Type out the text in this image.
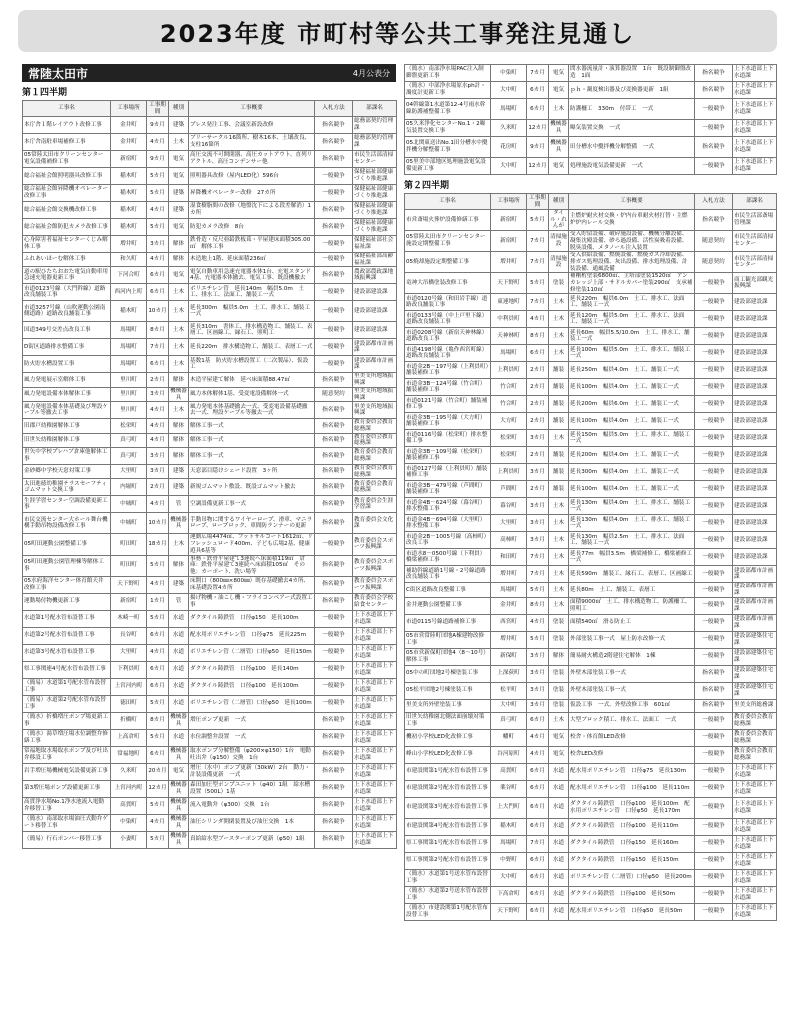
2023年度 市町村等公共工事発注見通し
常陸太田市	4月公表分
第１四半期
工事名	工事場所	工事期間	種別	工事概要	入札方法	部課名
本庁舎１階レイアウト改修工事	金井町	9カ月	建築	プレス発注工事、会議室新設改修	指名競争	総務部契約管理課
本庁舎南駐車場補修工事	金井町	4カ月	土木	ブリーサークル16箇所、樹木16本、土壌改良、支柱16箇所	指名競争	総務部契約管理課
05常陸太田市クリーンセンター電気設備補修工事	新宿町	9カ月	電気	高圧交流不可開閉器、高圧カットアウト、直列リアクトル、高圧コンデンサー他	指名競争	市民生活部清掃センター
総合福祉会館照明器具改修工事	稲木町	5カ月	電気	照明器具改修（屋内LED化）596台	一般競争	保健福祉部健康づくり推進課
総合福祉会館昇降機オペレーター改修工事	稲木町	5カ月	建築	昇降機オペレーター改修　27カ所	一般競争	保健福祉部健康づくり推進課
総合福祉会館交換機改修工事	稲木町	4カ月	建築	湿食樹脂間の改修（地盤沈下による段差解消）1カ所	指名競争	保健福祉部健康づくり推進課
総合福祉会館防犯カメラ改修工事	稲木町	5カ月	電気	防犯カメラ改修　8台	指名競争	保健福祉部健康づくり推進課
心身障害者福祉センターくじみ解体工事	増井町	3カ月	解体	鉄骨造・反尺亜鉛鉄板葺・平屋建床面積305.00㎡　解体工事	一般競争	保健福祉部社会福祉課
ふれあいほーむ解体工事	和久町	4カ月	解体	木造地上1階、延床面積236㎡	一般競争	保健福祉部高齢福祉課
道の駅ひたちおおた電気自動車用急速充電器更新工事	下河合町	6カ月	電気	電気自動車用急速充電器本体1台、充電スタンド4基、充電器本体撤去、電気工事、既設機撤去	指名競争	農政部農政課地域振興課
市道0123号線（大門幹線）道路改良舗装工事	西河内上町	6カ月	土木	ボリエチレン管　延長140m　幅員5.0m　土工、排水工、法面工、舗装工一式	一般競争	建設部建設課
市道3257号線（山吹運動公園南側道路）道路改良舗装工事	稲木町	10カ月	土木	延長300m　幅員5.0m　土工、排水工、舗装工一式	一般競争	建設部建設課
国道349号交差点改良工事	馬場町	8カ月	土木	延長310m　書体工、排水構造物工、舗装工、表層工、区画線工、縁石工、照明工	一般競争	建設部建設課
D街区道路排水整備工事	馬場町	7カ月	土木	延長220m　排水構造物工、舗装工、表層工一式	一般競争	建設部都市計画課
防火貯水槽設置工事	馬場町	6カ月	土木	基数1基　防火貯水槽設置工（二次製品）、仮設工	一般競争	建設部都市計画課
風力発電展示室解体工事	里川町	2カ月	解体	木造平屋建て解体　延べ床面積88.47㎡	指名競争	里美支所地域振興課
風力発電設備本体解体工事	里川町	3カ月	機械器具	風力本体解体1基、受変電設備解体一式	随意契約	里美支所地域振興課
風力発電設備本体基礎及び埋設ケーブル等撤去工事	里川町	4カ月	土木	風力発電本体基礎撤去一式、受変電設備基礎撤去一式、埋設ケーブル等撤去一式	指名競争	里美支所地域振興課
旧郡戸幼稚園解体工事	松栄町	4カ月	解体	解体工事一式	指名競争	教育委員会教育総務課
旧世矢幼稚園解体工事	真弓町	4カ月	解体	解体工事一式	指名競争	教育委員会教育総務課
世矢中学校プレハブ倉庫他解体工事	真弓町	3カ月	解体	解体工事一式	指名競争	教育委員会教育総務課
金砂郷中学校天窓対策工事	大里町	3カ月	建築	天窓部目隠けシェード設置　3ヶ所	指名競争	教育委員会教育総務課
太田進徳幼稚園テラスセーフティゴムマット交換工事	内堀町	2カ月	建築	新規ゴムマット敷設、既設ゴムマット撤去	指名競争	教育委員会教育総務課
生涯学習センター空調設備更新工事	中城町	4カ月	管	空調設備更新工事一式	指名競争	教育委員会生涯学習課
市民交流センター大ホール舞台機構手動吊物設備改修工事	中城町	10カ月	機械器具	手動吊物に関するワイヤーロープ、滑車、マニラロープ、ロープロック、車間防ランナーの更新	指名競争	教育委員会文化課
05町田運動公園整備工事	町田町	18カ月	土木	運動広場4474㎡、フットサルコート1612㎡、リフレッシュロード400m、子ども広場2基、健康遊具6基等	一般競争	教育委員会スポーツ振興課
05町田運動公園管理棟等解体工事	町田町	5カ月	解体	事務・鉄骨平屋建て3連続へ床面積119㎡　倉庫：鉄骨平屋建て3連続へ床面積105㎡　その他：カーポート、洗い場等	指名競争	教育委員会スポーツ振興課
05水府海洋センター体育館天井改修工事	天下野町	4カ月	建築	床開口（800㎜×800㎜）既存基礎撤去4カ所、床基礎設置4カ所	指名競争	教育委員会スポーツ振興課
運動場付物機更新工事	新宿町	1カ月	管	揚げ物機・油こし機・フライコンベアー式設置工事	指名競争	教育委員会学校給食センター
水道第1号配水管布設替工事	木崎一町	5カ月	水道	ダクタイル鋳鉄管　口径φ150　延長100m	一般競争	上下水道部上下水道課
水道第2号配水管布設替工事	長谷町	6カ月	水道	配水用ポリエチレン管　口径φ75　延長225m	一般競争	上下水道部上下水道課
水道第3号配水管布設替工事	大里町	4カ月	水道	ボリエチレン管（二層管）口径φ50　延長150m	一般競争	上下水道部上下水道課
県工事関連4号配水管布設替工事	下利員町	6カ月	水道	ダクタイル鋳鉄管　口径φ100　延長140m	一般競争	上下水道部上下水道課
（簡易）水道第1号配水管布設替工事	上宮河内町	6カ月	水道	ダクタイル鋳鉄管　口径φ100　延長100m	一般競争	上下水道部上下水道課
（簡易）水道第2号配水管布設替工事	徳田町	5カ月	水道	ボリエチレン管（二層管）口径φ50　延長100m	一般競争	上下水道部上下水道課
（簡水）折橋増圧ポンプ場更新工事	折橋町	8カ月	機械器具	増圧ポンプ更新　一式	指名競争	上下水道部上下水道課
（簡水）湯草増圧場水位調整弁修繕工事	上高倉町	5カ月	水道	水位調整弁設置　一式	指名競争	上下水道部上下水道課
常福地取水場取水ポンプ及び吐出弁移設工事	常福地町	6カ月	機械器具	取水ポンプ分解整備（φ200×φ150）1台　電動吐出弁（φ150）交換　1台	指名競争	上下水道部上下水道課
岩手増圧場機械電気設備更新工事	久米町	20カ月	電気	增圧（水中）ポンプ更新（30kW）2台　動力・計装設備更新　一式	指名競争	上下水道部上下水道課
第3増圧場ポンプ設備更新工事	上宮河内町	12カ月	機械器具	森田加圧型ポンプユニット（φ40）1組　給水槽設置（500L）1基	指名競争	上下水道部上下水道課
高貫浄水場No.1浄水池流入電動弁移替工事	高貫町	5カ月	機械器具	流入電動弁（φ300）交換　1台	指名競争	上下水道部上下水道課
（簡水）南部取水場油圧式動弁ゲート移替工事	中染町	4カ月	機械器具	油圧シリンダ開閉装置及び油圧交換　1本	指名競争	上下水道部上下水道課
（簡易）行石ポンパー移替工事	小妻町	5カ月	機械器具	真給給水型ブースターポンプ更新（φ50）1組	指名競争	上下水道部上下水道課
（簡水）南部浄水場PAC注入制御盤更新工事	中染町	7カ月	電気	問水器流量計・演算器設置　1台　既設制御盤改造　1面	指名競争	上下水道部上下水道課
（簡水）中部浄水場原水ph計・濁度計更新工事	大中町	6カ月	電気	ｐｈ・濁度検出器及び変換器更新　1組	指名競争	上下水道部上下水道課
04幹線第1水道第12-4号雨水幹線防護補整備工事	馬場町	6カ月	土木	防護柵工　330m　付帯工　一式	一般競争	上下水道部上下水道課
05久米浄化センターNo.1・2曝気装置交換工事	久米町	12カ月	機械器具	曝気装置交換　一式	一般競争	上下水道部上下水道課
05北関東送出No.1田分槽水中攪拌機分解整備工事	花房町	9カ月	機械器具	田分槽水中攪拌機分解整備　一式	指名競争	上下水道部上下水道課
05里美中部地区処理施設電気設備更新工事	大中町	12カ月	電気	処理施設電気設備更新　一式	一般競争	上下水道部上下水道課
第２四半期
工事名	工事場所	工事期間	種別	工事概要	入札方法	部課名
市営斎場火葬炉設備修繕工事	新宿町	5カ月	タイル・れんが	主燃炉耐火材交換・炉内台車耐火材打替・主燃炉炉内レール交換	指名競争	市民生活部斎場管理課
05常陸太田市クリーンセンター施設定期整備工事	新宿町	7カ月	清掃施設	受入貯留設備、破砕施設設備、機械分離設備、凝集沈殿設備、砂ろ過設備、活性炭吸着設備、脱臭設備、メタノール注入装置	随意契約	市民生活部清掃センター
05焼却施設定期整備工事	増井町	7カ月	清掃施設	受入供給設備、燃焼設備、燃焼ガス冷却設備、排ガス処理設備、灰出設備、排水処理設備、計装設備、通風設備	随意契約	市民生活部清掃センター
竜神大吊橋塗装改修工事	天下野町	5カ月	塗装	補剛桁塗装6800㎡、主塔部塗装1520㎡　アンカレッジ上部・サドルカバー塗装290㎡　支承補修塗装110㎡	一般競争	商工観光部観光振興課
市道0120号線（和田岩手線）道路改良舗装工事	東連地町	7カ月	土木	延長220m　幅員6.0m　土工、排水工、法面工、舗装工一式	一般競争	建設部建設課
市道0133号線（中上戸里下線）道路改良舗装工事	中利員町	4カ月	土木	延長120m　幅員5.0m　土工、排水工、法面工、舗装工一式	一般競争	建設部建設課
市道0208号線（新宿天神林線）道路改良工事	天神林町	8カ月	土木	延長60m　幅員5.5/10.0m　土工、排水工、舗装工一式	一般競争	建設部建設課
市道4198号線（亀作西宮町線）道路改良舗装工事	馬場町	6カ月	土木	延長100m　幅員5.0m　土工、排水工、舗装工一式	一般競争	建設部建設課
市道金2B－197号線（上利員町）舗装補修工事	上利員町	2カ月	舗装	延長250m　幅員4.0m　土工、舗装工一式	一般競争	建設部建設課
市道金3B－124号線（竹合町）舗装補修工事	竹合町	2カ月	舗装	延長100m　幅員4.0m　土工、舗装工一式	一般競争	建設部建設課
市道0121号線（竹合町）舗装補修工事	竹合町	2カ月	舗装	延長200m　幅員6.0m　土工、舗装工一式	一般競争	建設部建設課
市道金3B－195号線（大方町）舗装補修工事	大方町	2カ月	舗装	延長100m　幅員4.0m　土工、舗装工一式	一般競争	建設部建設課
市道0116号線（松栄町）排水整備工事	松栄町	3カ月	土木	延長150m　幅員5.0m　土工、排水工、舗装工一式	一般競争	建設部建設課
市道金3B－109号線（松栄町）舗装補修工事	松栄町	2カ月	舗装	延長200m　幅員4.0m　土工、舗装工一式	一般競争	建設部建設課
市道0127号線（上利員町）舗装補修工事	上利員町	3カ月	舗装	延長300m　幅員4.0m　土工、舗装工一式	一般競争	建設部建設課
市道金3B－479号線（芦間町）舗装補修工事	芦間町	2カ月	舗装	延長100m　幅員4.0m　土工、舗装工一式	一般競争	建設部建設課
市道金4B－624号線（幕谷町）排水整備工事	幕谷町	3カ月	土木	延長130m　幅員4.0m　土工、排水工、舗装工一式	一般競争	建設部建設課
市道金4B－694号線（大里町）排水整備工事	大里町	3カ月	土木	延長130m　幅員4.0m　土工、排水工、舗装工一式	一般競争	建設部建設課
市道金2B－1005号線（高柿町）改良工事	高柿町	3カ月	土木	延長130m　幅員2.5m　土工、排水工、法面工、舗装工一式	一般競争	建設部建設課
市道水8－0500号線（下利員）橋梁補修工事	和田町	7カ月	土木	延長77m　幅員3.5m　橋梁補修工、橋梁補修工一式	一般競争	建設部建設課
補助幹線道路1号線・2号線道路改良舗装工事	増井町	7カ月	土木	延長590m　舗装工、縁石工、表層工、区画線工	一般競争	建設部都市計画課
C街区道路改良整備工事	馬場町	5カ月	土木	延長80m　土工、舗装工、表層工	一般競争	建設部都市計画課
金井運動公園整備工事	金井町	8カ月	土木	面積9000㎡　土工、排水構造物工、防護柵工、照明工	一般競争	建設部都市計画課
市道0115号線道路補修工事	西宮町	4カ月	塗装	面積540㎡　滑る防止工	一般競争	建設部都市計画課
05市営常陸町団地A棟建物改修工事	増井町	5カ月	塗装	外部塗装工事一式　屋上防水改修一式	一般競争	建設部建築住宅課
05市営新保町団地4（8～10号）解体工事	新保町	3カ月	解体	簡易耐火構造2階建住宅解体　1棟	一般競争	建設部建築住宅課
05中の町団地2号棟塗装工事	上深荻町	3カ月	塗装	外壁木部塗装工事一式	指名競争	建設部建築住宅課
05松平団地2号棟塗装工事	松平町	3カ月	塗装	外壁木部塗装工事一式	指名競争	建設部建築住宅課
里美支所外壁塗装工事	大中町	3カ月	塗装	仮設工事　一式、外壁改修工事　601㎡	指名競争	里美支所総務課
旧世矢幼稚園北側法面崩壊対策工事	真弓町	6カ月	土木	大型ブロック積工、排水工、法面工　一式	一般競争	教育委員会教育総務課
機初小学校LED化改修工事	幡町	4カ月	電気	校舎・体育館LED改修	一般競争	教育委員会教育総務課
峰山小学校LED化改修工事	谷河原町	4カ月	電気	校舎LED改修	一般競争	教育委員会教育総務課
市建設関第1号配水管布設替工事	高貫町	6カ月	水道	配水用ポリエチレン管　口径φ75　延長130m	一般競争	上下水道部上下水道課
市建設関第2号配水管布設替工事	薬谷町	6カ月	水道	配水用ポリエチレン管　口径φ100　延長110m	一般競争	上下水道部上下水道課
市建設関第3号配水管布設替工事	上大門町	6カ月	水道	ダクタイル鋳鉄管　口径φ100　延長100m　配水用ポリエチレン管　口径φ50　延長170m	一般競争	上下水道部上下水道課
市建設関第4号配水管布設替工事	稲木町	6カ月	水道	ダクタイル鋳鉄管　口径φ100　延長110m	一般競争	上下水道部上下水道課
県工事関第1号配水管布設替工事	馬場町	7カ月	水道	ダクタイル鋳鉄管　口径φ150　延長160m	一般競争	上下水道部上下水道課
県工事関第2号配水管布設替工事	中野町	6カ月	水道	ダクタイル鋳鉄管　口径φ150　延長150m	一般競争	上下水道部上下水道課
（簡水）水道第1号送水管布設替工事	大中町	6カ月	水道	ポリエチレン管（二層管）口径φ50　延長200m	一般競争	上下水道部上下水道課
（簡水）水道第2号送水管布設替工事	下高倉町	6カ月	水道	ダクタイル鋳鉄管　口径φ100　延長50m	一般競争	上下水道部上下水道課
（簡水）市建設関第1号配水管布設替工事	天下野町	6カ月	水道	配水用ポリエチレン管　口径φ50　延長50m	一般競争	上下水道部上下水道課
